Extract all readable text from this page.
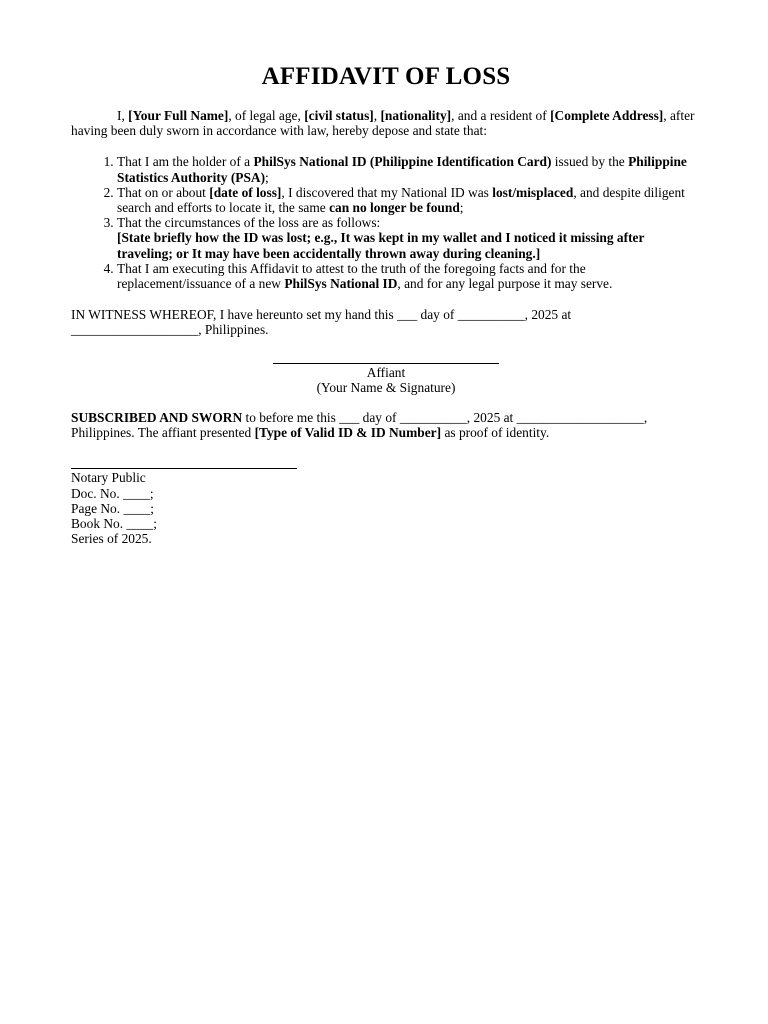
AFFIDAVIT OF LOSS

I, [Your Full Name], of legal age, [civil status], [nationality], and a resident of [Complete Address], after having been duly sworn in accordance with law, hereby depose and state that:

1. That I am the holder of a PhilSys National ID (Philippine Identification Card) issued by the Philippine Statistics Authority (PSA);
2. That on or about [date of loss], I discovered that my National ID was lost/misplaced, and despite diligent search and efforts to locate it, the same can no longer be found;
3. That the circumstances of the loss are as follows:
[State briefly how the ID was lost; e.g., It was kept in my wallet and I noticed it missing after traveling; or It may have been accidentally thrown away during cleaning.]
4. That I am executing this Affidavit to attest to the truth of the foregoing facts and for the replacement/issuance of a new PhilSys National ID, and for any legal purpose it may serve.

IN WITNESS WHEREOF, I have hereunto set my hand this ___ day of __________, 2025 at ___________________, Philippines.

Affiant
(Your Name & Signature)

SUBSCRIBED AND SWORN to before me this ___ day of __________, 2025 at ___________________, Philippines. The affiant presented [Type of Valid ID & ID Number] as proof of identity.

Notary Public
Doc. No. ____;
Page No. ____;
Book No. ____;
Series of 2025.
